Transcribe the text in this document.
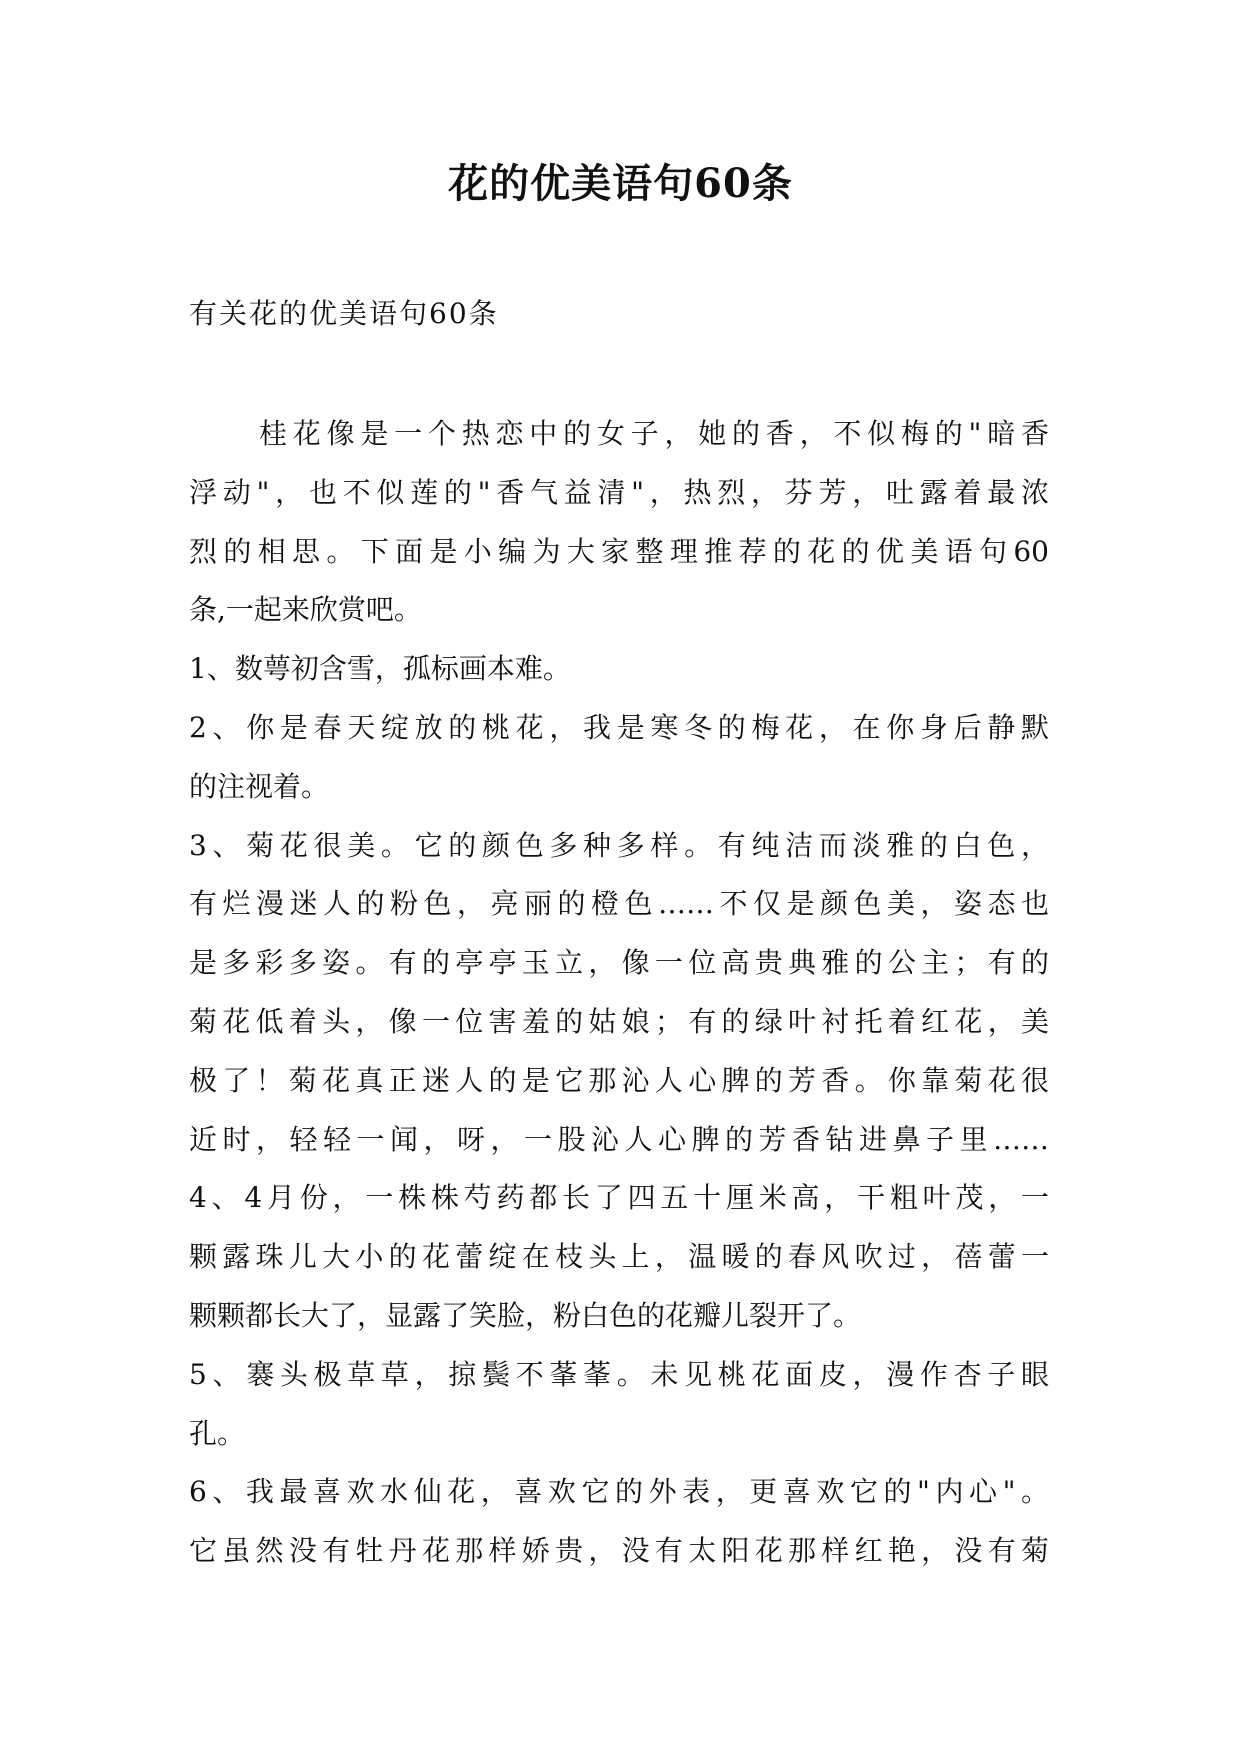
花的优美语句60条
有关花的优美语句60条
桂花像是一个热恋中的女子，她的香，不似梅的"暗香
浮动"，也不似莲的"香气益清"，热烈，芬芳，吐露着最浓
烈的相思。下面是小编为大家整理推荐的花的优美语句60
条,一起来欣赏吧。
1、数萼初含雪，孤标画本难。
2、你是春天绽放的桃花，我是寒冬的梅花，在你身后静默
的注视着。
3、菊花很美。它的颜色多种多样。有纯洁而淡雅的白色，
有烂漫迷人的粉色，亮丽的橙色……不仅是颜色美，姿态也
是多彩多姿。有的亭亭玉立，像一位高贵典雅的公主；有的
菊花低着头，像一位害羞的姑娘；有的绿叶衬托着红花，美
极了！菊花真正迷人的是它那沁人心脾的芳香。你靠菊花很
近时，轻轻一闻，呀，一股沁人心脾的芳香钻进鼻子里……
4、4月份，一株株芍药都长了四五十厘米高，干粗叶茂，一
颗露珠儿大小的花蕾绽在枝头上，温暖的春风吹过，蓓蕾一
颗颗都长大了，显露了笑脸，粉白色的花瓣儿裂开了。
5、褰头极草草，掠鬓不莑莑。未见桃花面皮，漫作杏子眼
孔。
6、我最喜欢水仙花，喜欢它的外表，更喜欢它的"内心"。
它虽然没有牡丹花那样娇贵，没有太阳花那样红艳，没有菊
